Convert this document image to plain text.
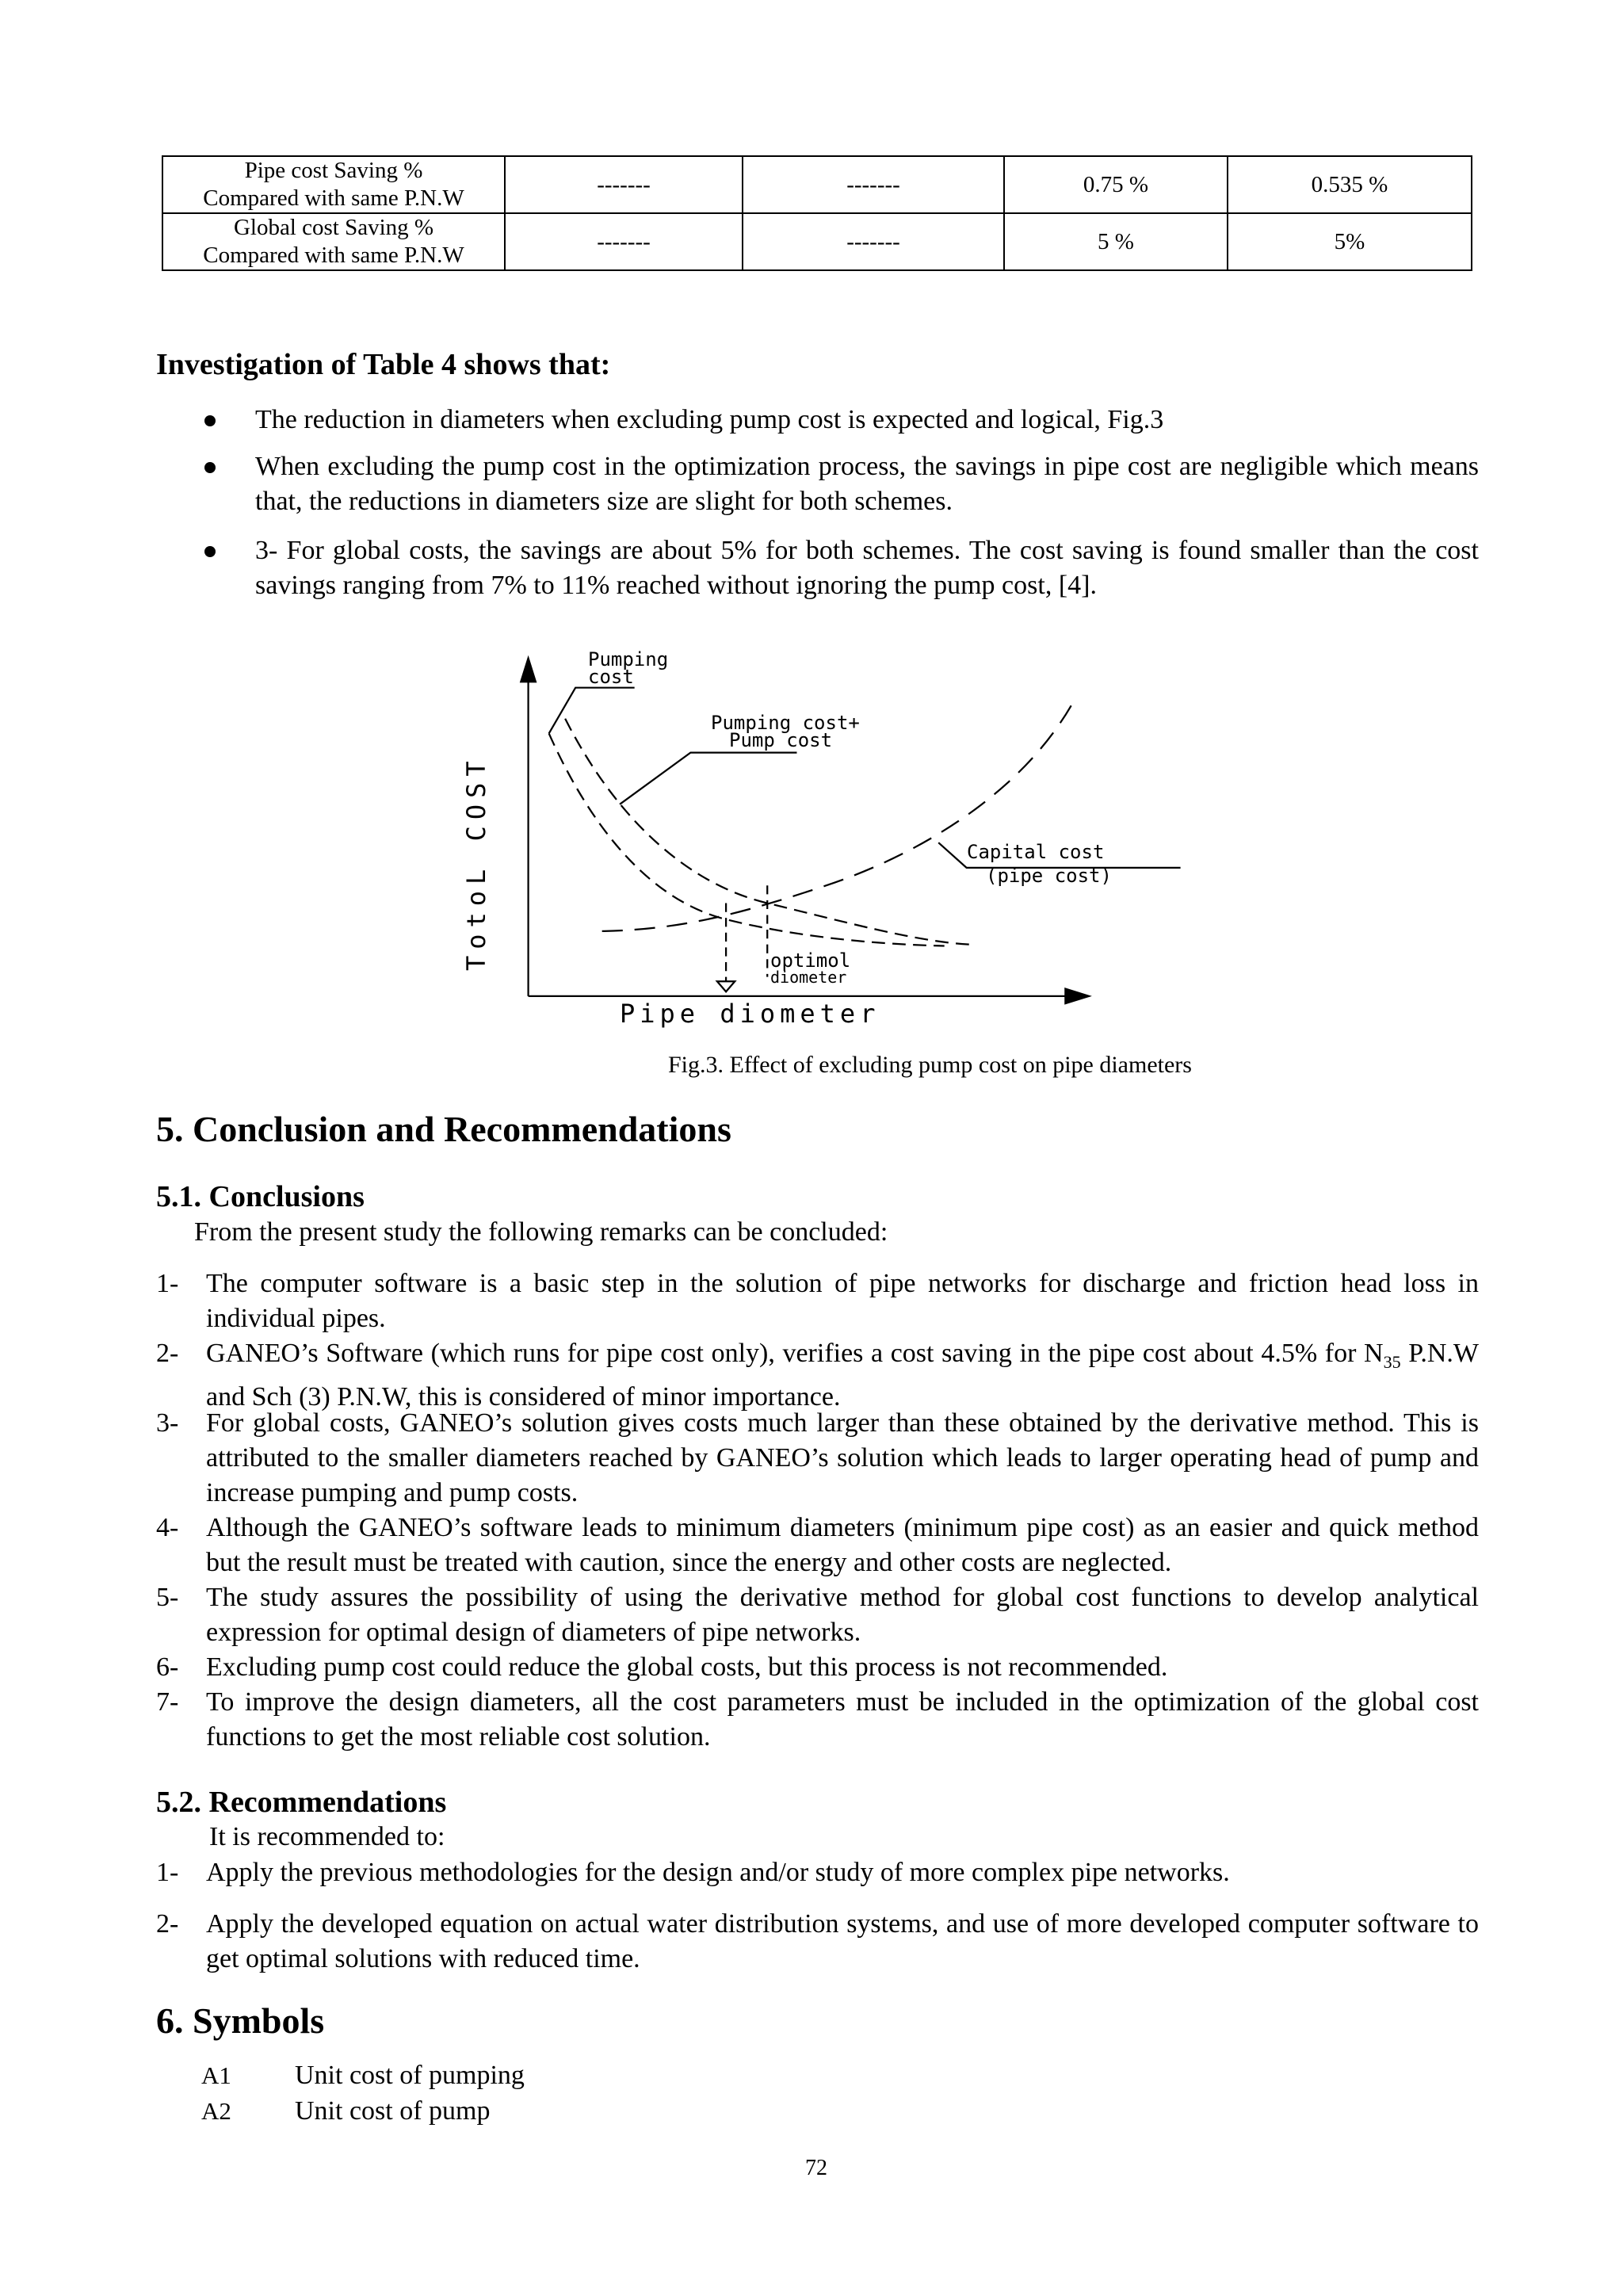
Pipe cost Saving %
Compared with same P.N.W	-------	-------	0.75 %	0.535 %
Global cost Saving %
Compared with same P.N.W	-------	-------	5 %	5%
Investigation of Table 4 shows that:
The reduction in diameters when excluding pump cost is expected and logical, Fig.3
When excluding the pump cost in the optimization process, the savings in pipe cost are negligible which means that, the reductions in diameters size are slight for both schemes.
3- For global costs, the savings are about 5% for both schemes. The cost saving is found smaller than the cost savings ranging from 7% to 11% reached without ignoring the pump cost, [4].
Pumping
cost
Pumping cost+
Pump cost
Capital cost
(pipe cost)
optimol
diometer
Pipe diometer
TotoL COST
Fig.3. Effect of excluding pump cost on pipe diameters
5. Conclusion and Recommendations
5.1. Conclusions
From the present study the following remarks can be concluded:
1- The computer software is a basic step in the solution of pipe networks for discharge and friction head loss in individual pipes.
2- GANEO’s Software (which runs for pipe cost only), verifies a cost saving in the pipe cost about 4.5% for $N_{35}$ P.N.W and Sch (3) P.N.W, this is considered of minor importance.
3- For global costs, GANEO’s solution gives costs much larger than these obtained by the derivative method. This is attributed to the smaller diameters reached by GANEO’s solution which leads to larger operating head of pump and increase pumping and pump costs.
4- Although the GANEO’s software leads to minimum diameters (minimum pipe cost) as an easier and quick method but the result must be treated with caution, since the energy and other costs are neglected.
5- The study assures the possibility of using the derivative method for global cost functions to develop analytical expression for optimal design of diameters of pipe networks.
6- Excluding pump cost could reduce the global costs, but this process is not recommended.
7- To improve the design diameters, all the cost parameters must be included in the optimization of the global cost functions to get the most reliable cost solution.
5.2. Recommendations
It is recommended to:
1- Apply the previous methodologies for the design and/or study of more complex pipe networks.
2- Apply the developed equation on actual water distribution systems, and use of more developed computer software to get optimal solutions with reduced time.
6. Symbols
A1 Unit cost of pumping
A2 Unit cost of pump
72
